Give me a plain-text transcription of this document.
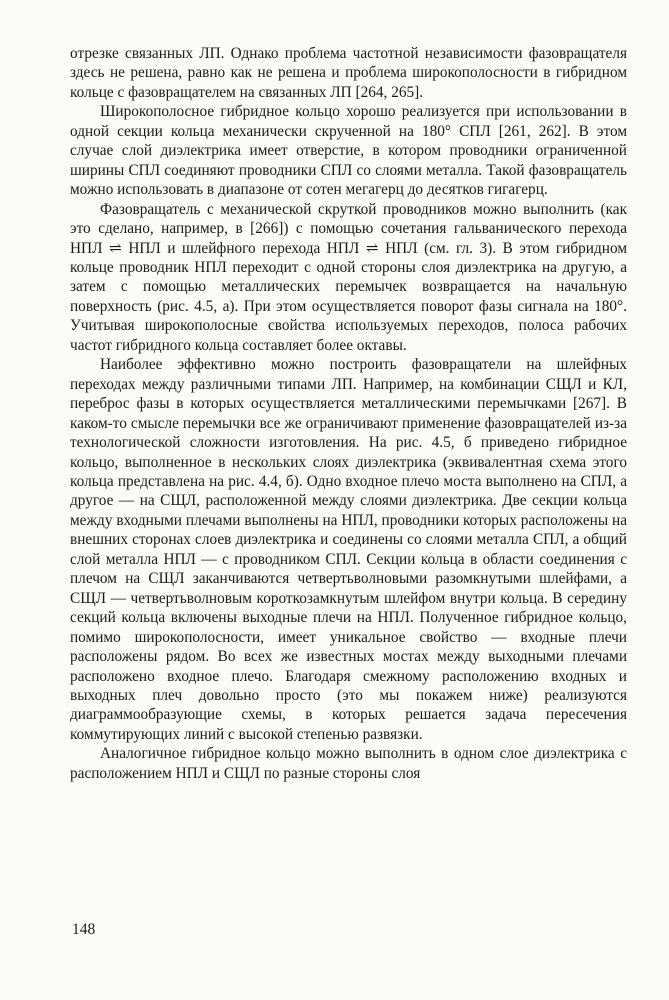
отрезке связанных ЛП. Однако проблема частотной независимости фазовращателя здесь не решена, равно как не решена и проблема широкополосности в гибридном кольце с фазовращателем на связанных ЛП [264, 265].

Широкополосное гибридное кольцо хорошо реализуется при использовании в одной секции кольца механически скрученной на 180° СПЛ [261, 262]. В этом случае слой диэлектрика имеет отверстие, в котором проводники ограниченной ширины СПЛ соединяют проводники СПЛ со слоями металла. Такой фазовращатель можно использовать в диапазоне от сотен мегагерц до десятков гигагерц.

Фазовращатель с механической скруткой проводников можно выполнить (как это сделано, например, в [266]) с помощью сочетания гальванического перехода НПЛ ⇌ НПЛ и шлейфного перехода НПЛ ⇌ НПЛ (см. гл. 3). В этом гибридном кольце проводник НПЛ переходит с одной стороны слоя диэлектрика на другую, а затем с помощью металлических перемычек возвращается на начальную поверхность (рис. 4.5, а). При этом осуществляется поворот фазы сигнала на 180°. Учитывая широкополосные свойства используемых переходов, полоса рабочих частот гибридного кольца составляет более октавы.

Наиболее эффективно можно построить фазовращатели на шлейфных переходах между различными типами ЛП. Например, на комбинации СЩЛ и КЛ, переброс фазы в которых осуществляется металлическими перемычками [267]. В каком-то смысле перемычки все же ограничивают применение фазовращателей из-за технологической сложности изготовления. На рис. 4.5, б приведено гибридное кольцо, выполненное в нескольких слоях диэлектрика (эквивалентная схема этого кольца представлена на рис. 4.4, б). Одно входное плечо моста выполнено на СПЛ, а другое — на СЩЛ, расположенной между слоями диэлектрика. Две секции кольца между входными плечами выполнены на НПЛ, проводники которых расположены на внешних сторонах слоев диэлектрика и соединены со слоями металла СПЛ, а общий слой металла НПЛ — с проводником СПЛ. Секции кольца в области соединения с плечом на СЩЛ заканчиваются четвертьволновыми разомкнутыми шлейфами, а СЩЛ — четвертьволновым короткозамкнутым шлейфом внутри кольца. В середину секций кольца включены выходные плечи на НПЛ. Полученное гибридное кольцо, помимо широкополосности, имеет уникальное свойство — входные плечи расположены рядом. Во всех же известных мостах между выходными плечами расположено входное плечо. Благодаря смежному расположению входных и выходных плеч довольно просто (это мы покажем ниже) реализуются диаграммообразующие схемы, в которых решается задача пересечения коммутирующих линий с высокой степенью развязки.

Аналогичное гибридное кольцо можно выполнить в одном слое диэлектрика с расположением НПЛ и СЩЛ по разные стороны слоя

148
